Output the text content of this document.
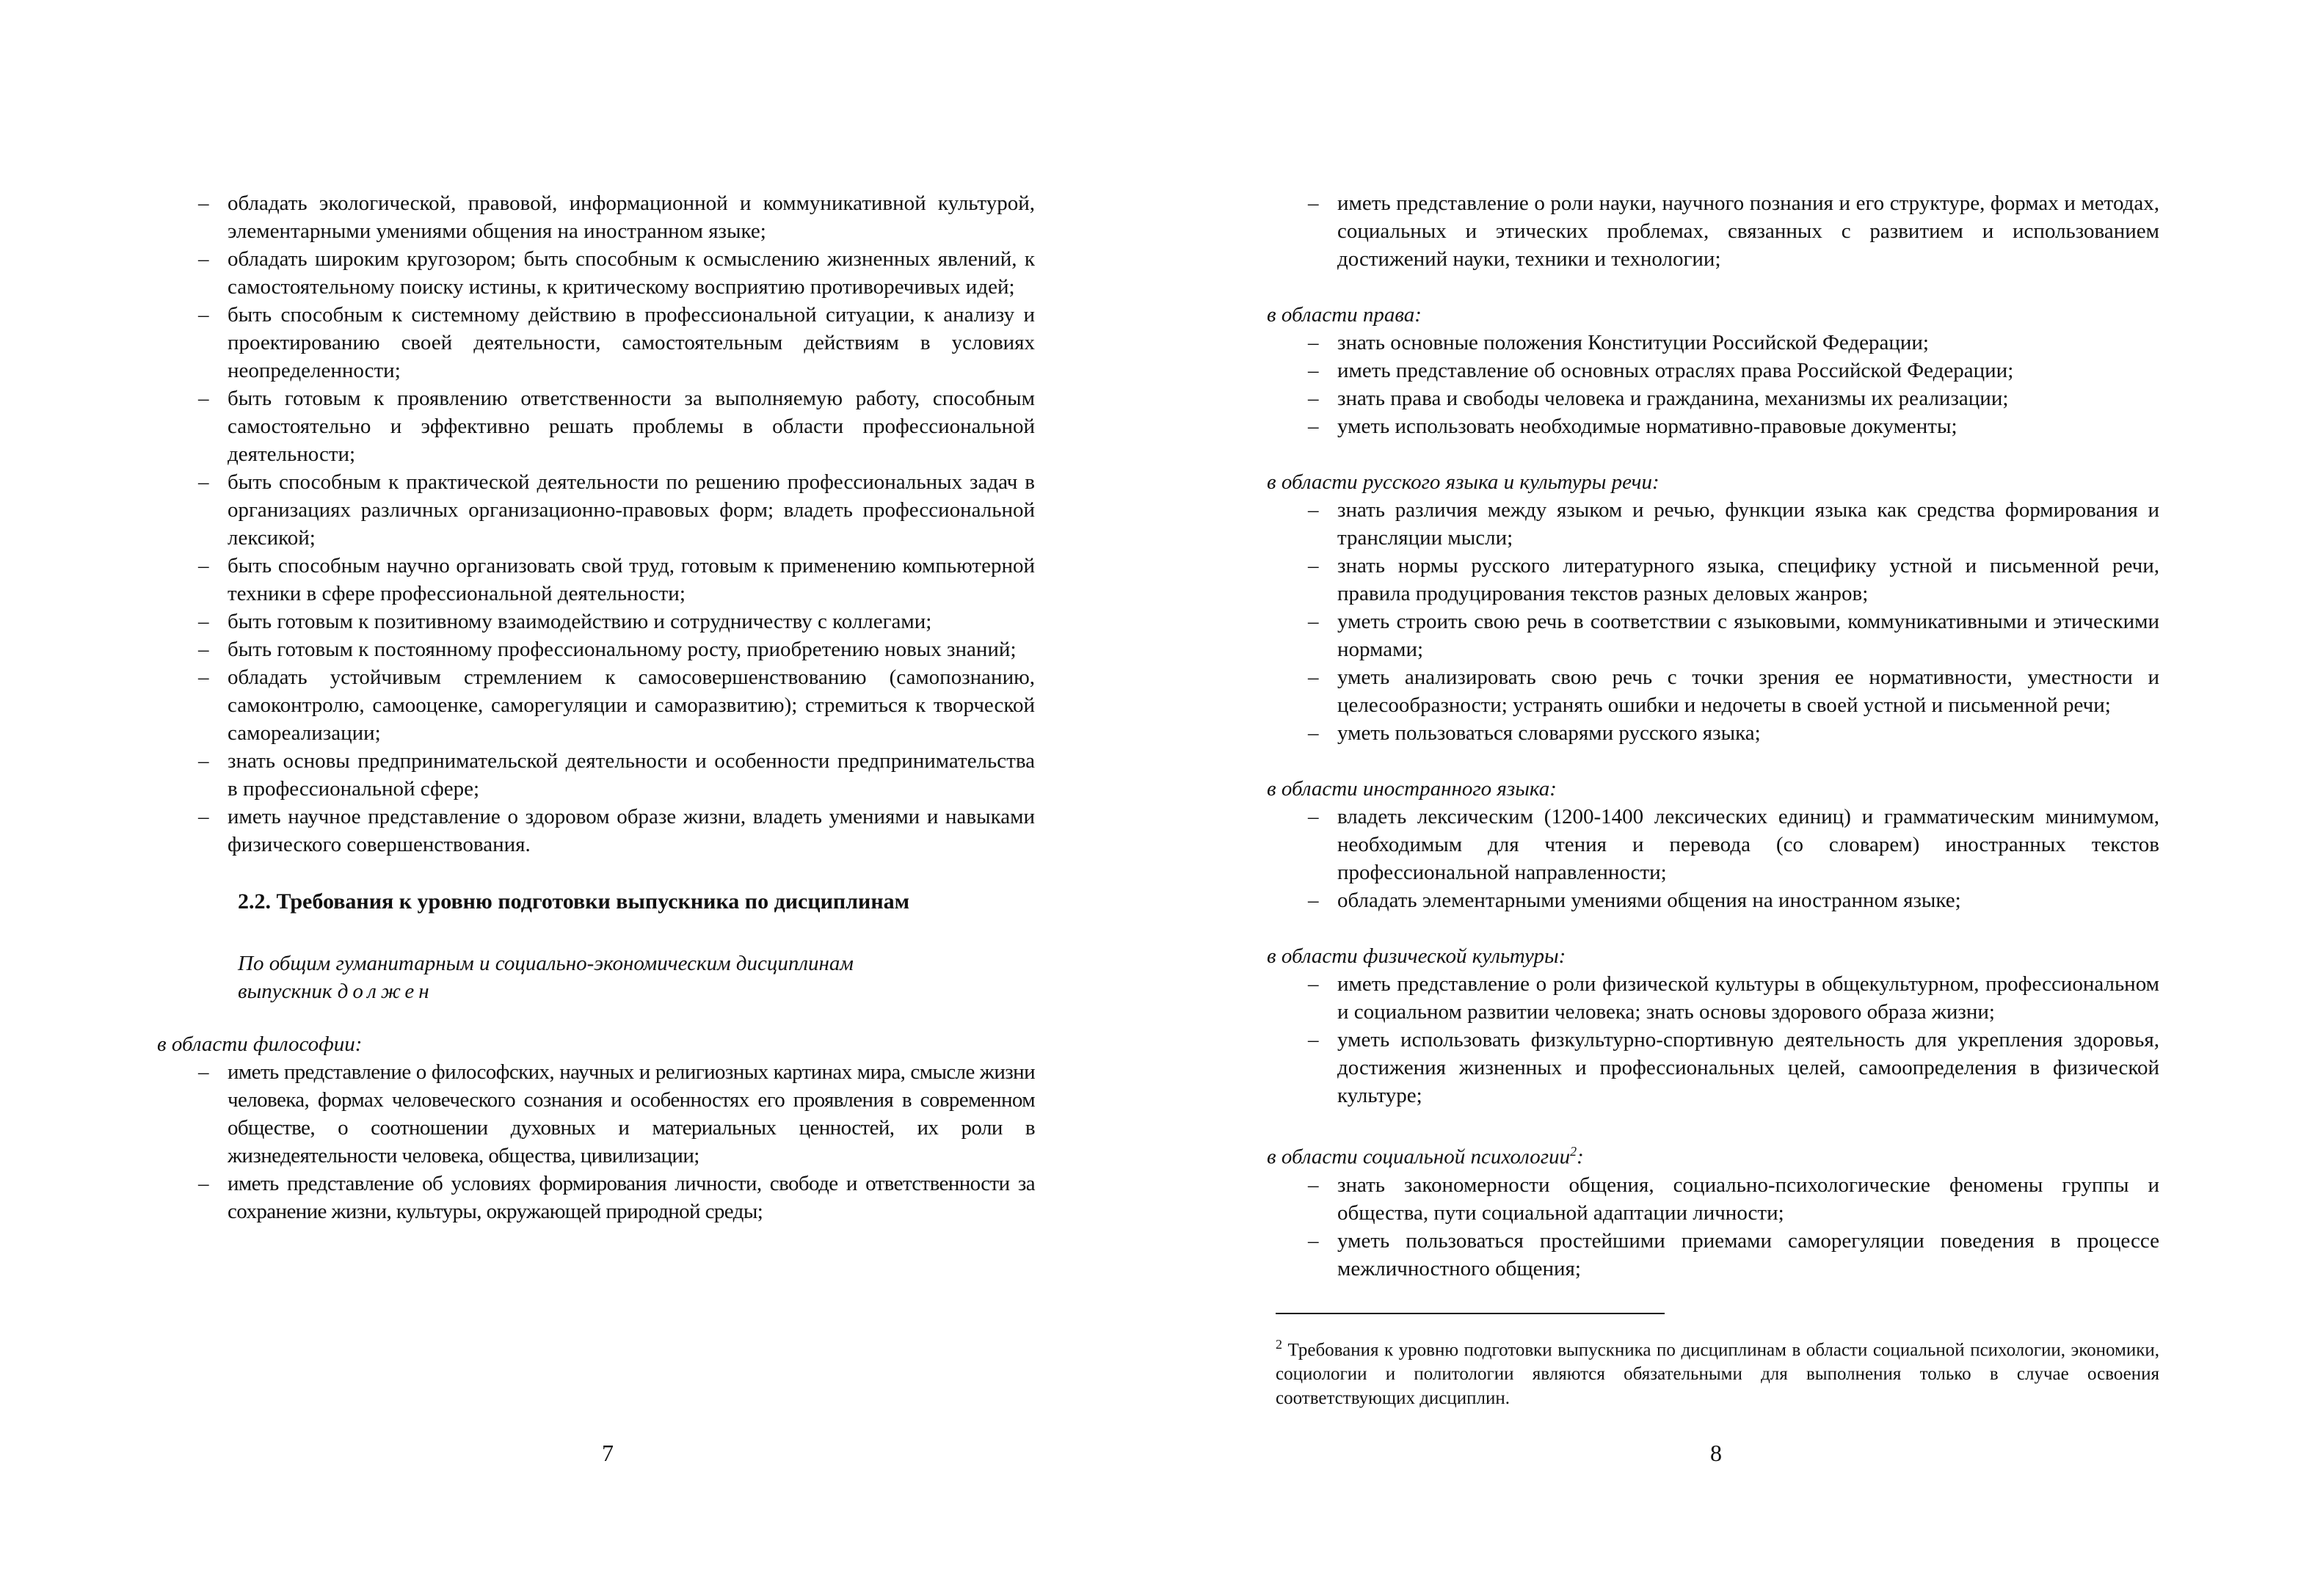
– обладать экологической, правовой, информационной и коммуникативной культурой, элементарными умениями общения на иностранном языке;

– обладать широким кругозором; быть способным к осмыслению жизненных явлений, к самостоятельному поиску истины, к критическому восприятию противоречивых идей;

– быть способным к системному действию в профессиональной ситуации, к анализу и проектированию своей деятельности, самостоятельным действиям в условиях неопределенности;

– быть готовым к проявлению ответственности за выполняемую работу, способным самостоятельно и эффективно решать проблемы в области профессиональной деятельности;

– быть способным к практической деятельности по решению профессиональных задач в организациях различных организационно-правовых форм; владеть профессиональной лексикой;

– быть способным научно организовать свой труд, готовым к применению компьютерной техники в сфере профессиональной деятельности;

– быть готовым к позитивному взаимодействию и сотрудничеству с коллегами;

– быть готовым к постоянному профессиональному росту, приобретению новых знаний;

– обладать устойчивым стремлением к самосовершенствованию (самопознанию, самоконтролю, самооценке, саморегуляции и саморазвитию); стремиться к творческой самореализации;

– знать основы предпринимательской деятельности и особенности предпринимательства в профессиональной сфере;

– иметь научное представление о здоровом образе жизни, владеть умениями и навыками физического совершенствования.

2.2. Требования к уровню подготовки выпускника по дисциплинам
По общим гуманитарным и социально-экономическим дисциплинам
выпускник должен

в области философии:

– иметь представление о философских, научных и религиозных картинах мира, смысле жизни человека, формах человеческого сознания и особенностях его проявления в современном обществе, о соотношении духовных и материальных ценностей, их роли в жизнедеятельности человека, общества, цивилизации;

– иметь представление об условиях формирования личности, свободе и ответственности за сохранение жизни, культуры, окружающей природной среды;

7

– иметь представление о роли науки, научного познания и его структуре, формах и методах, социальных и этических проблемах, связанных с развитием и использованием достижений науки, техники и технологии;

в области права:

– знать основные положения Конституции Российской Федерации;

– иметь представление об основных отраслях права Российской Федерации;

– знать права и свободы человека и гражданина, механизмы их реализации;

– уметь использовать необходимые нормативно-правовые документы;

в области русского языка и культуры речи:

– знать различия между языком и речью, функции языка как средства формирования и трансляции мысли;

– знать нормы русского литературного языка, специфику устной и письменной речи, правила продуцирования текстов разных деловых жанров;

– уметь строить свою речь в соответствии с языковыми, коммуникативными и этическими нормами;

– уметь анализировать свою речь с точки зрения ее нормативности, уместности и целесообразности; устранять ошибки и недочеты в своей устной и письменной речи;

– уметь пользоваться словарями русского языка;

в области иностранного языка:

– владеть лексическим (1200-1400 лексических единиц) и грамматическим минимумом, необходимым для чтения и перевода (со словарем) иностранных текстов профессиональной направленности;

– обладать элементарными умениями общения на иностранном языке;

в области физической культуры:

– иметь представление о роли физической культуры в общекультурном, профессиональном и социальном развитии человека; знать основы здорового образа жизни;

– уметь использовать физкультурно-спортивную деятельность для укрепления здоровья, достижения жизненных и профессиональных целей, самоопределения в физической культуре;

в области социальной психологии$^2$:

– знать закономерности общения, социально-психологические феномены группы и общества, пути социальной адаптации личности;

– уметь пользоваться простейшими приемами саморегуляции поведения в процессе межличностного общения;

$^2$ Требования к уровню подготовки выпускника по дисциплинам в области социальной психологии, экономики, социологии и политологии являются обязательными для выполнения только в случае освоения соответствующих дисциплин.
8
